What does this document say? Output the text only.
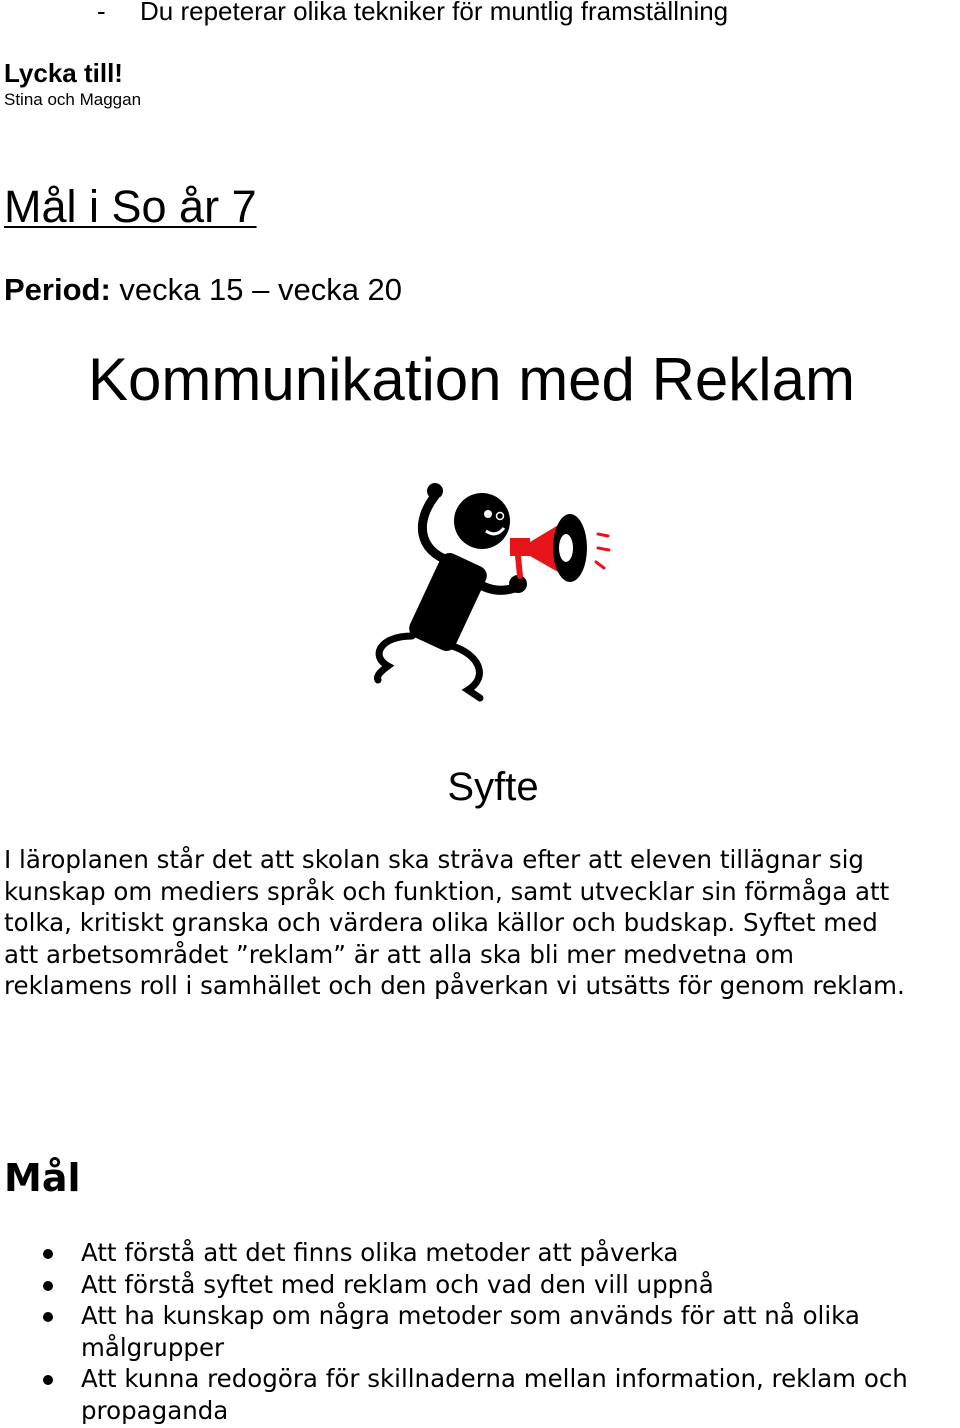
- Du repeterar olika tekniker för muntlig framställning
Lycka till!
Stina och Maggan
Mål i So år 7
Period: vecka 15 – vecka 20
Kommunikation med Reklam
Syfte

I läroplanen står det att skolan ska sträva efter att eleven tillägnar sig
kunskap om mediers språk och funktion, samt utvecklar sin förmåga att
tolka, kritiskt granska och värdera olika källor och budskap. Syftet med
att arbetsområdet ”reklam” är att alla ska bli mer medvetna om
reklamens roll i samhället och den påverkan vi utsätts för genom reklam.

Mål
Att förstå att det finns olika metoder att påverka
Att förstå syftet med reklam och vad den vill uppnå
Att ha kunskap om några metoder som används för att nå olika
målgrupper
Att kunna redogöra för skillnaderna mellan information, reklam och
propaganda
